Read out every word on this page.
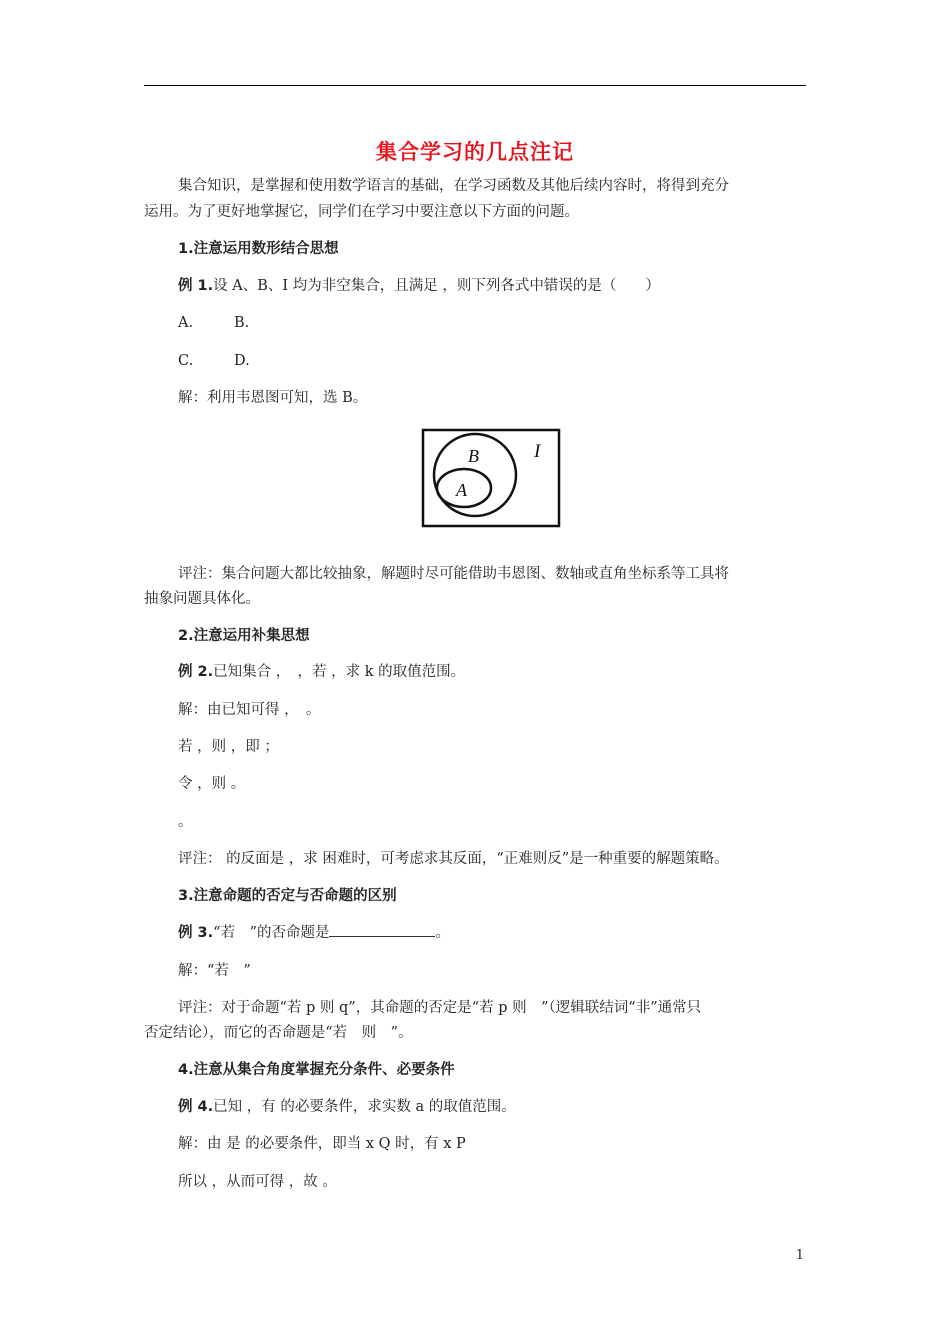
集合学习的几点注记
集合知识，是掌握和使用数学语言的基础，在学习函数及其他后续内容时，将得到充分
运用。为了更好地掌握它，同学们在学习中要注意以下方面的问题。
1.注意运用数形结合思想
例 1.设 A、B、I 均为非空集合，且满足 ，则下列各式中错误的是（　　）
A.	B.
C.	D.
解：利用韦恩图可知，选 B。
I
B
A
评注：集合问题大都比较抽象，解题时尽可能借助韦恩图、数轴或直角坐标系等工具将
抽象问题具体化。
2.注意运用补集思想
例 2.已知集合 ，　，若 ，求 k 的取值范围。
解：由已知可得 ，　。
若 ，则 ，即 ；
令 ，则 。
。
评注： 的反面是 ，求 困难时，可考虑求其反面，“正难则反”是一种重要的解题策略。
3.注意命题的否定与否命题的区别
例 3.“若　”的否命题是	。
解：“若　”
评注：对于命题“若 p 则 q”，其命题的否定是“若 p 则　”（逻辑联结词“非”通常只
否定结论），而它的否命题是“若　则　”。
4.注意从集合角度掌握充分条件、必要条件
例 4.已知 ，有 的必要条件，求实数 a 的取值范围。
解：由 是 的必要条件，即当 x Q 时，有 x P
所以 ，从而可得 ，故 。
1
